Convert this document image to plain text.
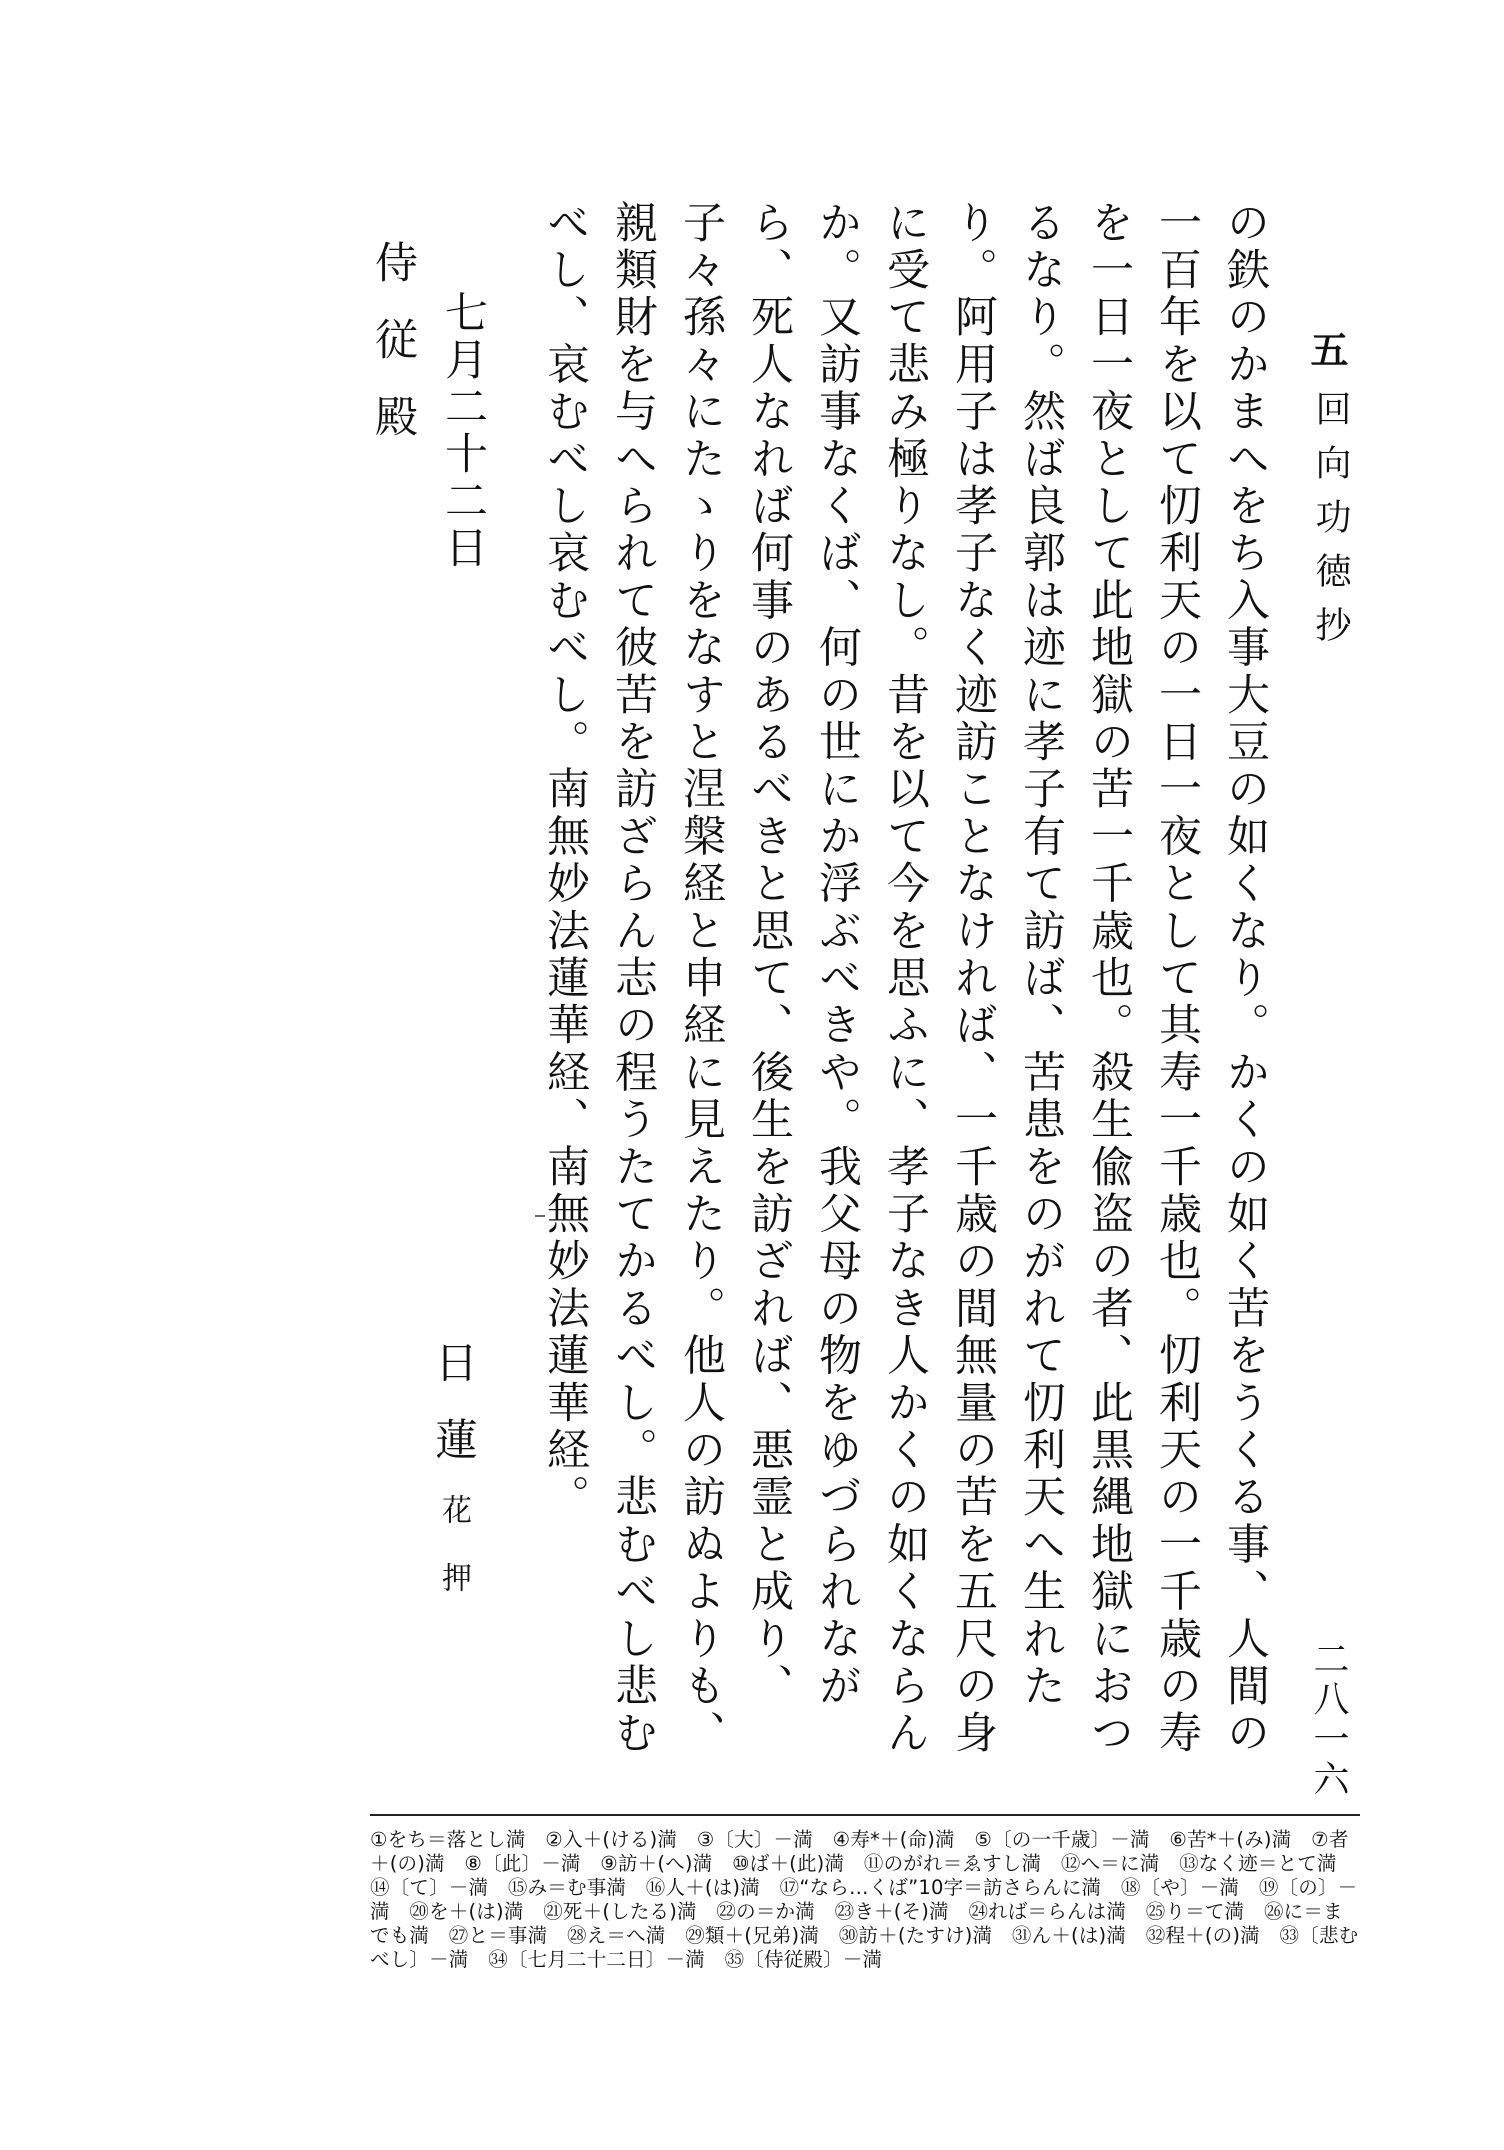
五
回向功徳抄
二八一六

の鉄のかまへをち入事大豆の如くなり。かくの如く苦をうくる事、人間の一百年を以て忉利天の一日一夜として其寿一千歳也。忉利天の一千歳の寿を一日一夜として此地獄の苦一千歳也。殺生偸盗の者、此黒縄地獄におつるなり。然ば良郭は迹に孝子有て訪ば、苦患をのがれて忉利天へ生れたり。阿用子は孝子なく迹訪ことなければ、一千歳の間無量の苦を五尺の身に受て悲み極りなし。昔を以て今を思ふに、孝子なき人かくの如くならんか。又訪事なくば、何の世にか浮ぶべきや。我父母の物をゆづられながら、死人なれば何事のあるべきと思て、後生を訪ざれば、悪霊と成り、子々孫々にたゝりをなすと涅槃経と申経に見えたり。他人の訪ぬよりも、親類財を与へられて彼苦を訪ざらん志の程うたてかるべし。悲むべし悲むべし、哀むべし哀むべし。南無妙法蓮華経、南無妙法蓮華経。

七月二十二日
侍従殿
日蓮花押
①をち＝落とし満　②入＋(ける)満　③〔大〕－満　④寿*＋(命)満　⑤〔の一千歳〕－満　⑥苦*＋(み)満　⑦者＋(の)満　⑧〔此〕－満　⑨訪＋(へ)満　⑩ば＋(此)満　⑪のがれ＝ゑすし満　⑫へ＝に満　⑬なく迹＝とて満　⑭〔て〕－満　⑮み＝む事満　⑯人＋(は)満　⑰“なら…くば”10字＝訪さらんに満　⑱〔や〕－満　⑲〔の〕－満　⑳を＋(は)満　㉑死＋(したる)満　㉒の＝か満　㉓き＋(そ)満　㉔れば＝らんは満　㉕り＝て満　㉖に＝までも満　㉗と＝事満　㉘え＝へ満　㉙類＋(兄弟)満　㉚訪＋(たすけ)満　㉛ん＋(は)満　㉜程＋(の)満　㉝〔悲むべし〕－満　㉞〔七月二十二日〕－満　㉟〔侍従殿〕－満
